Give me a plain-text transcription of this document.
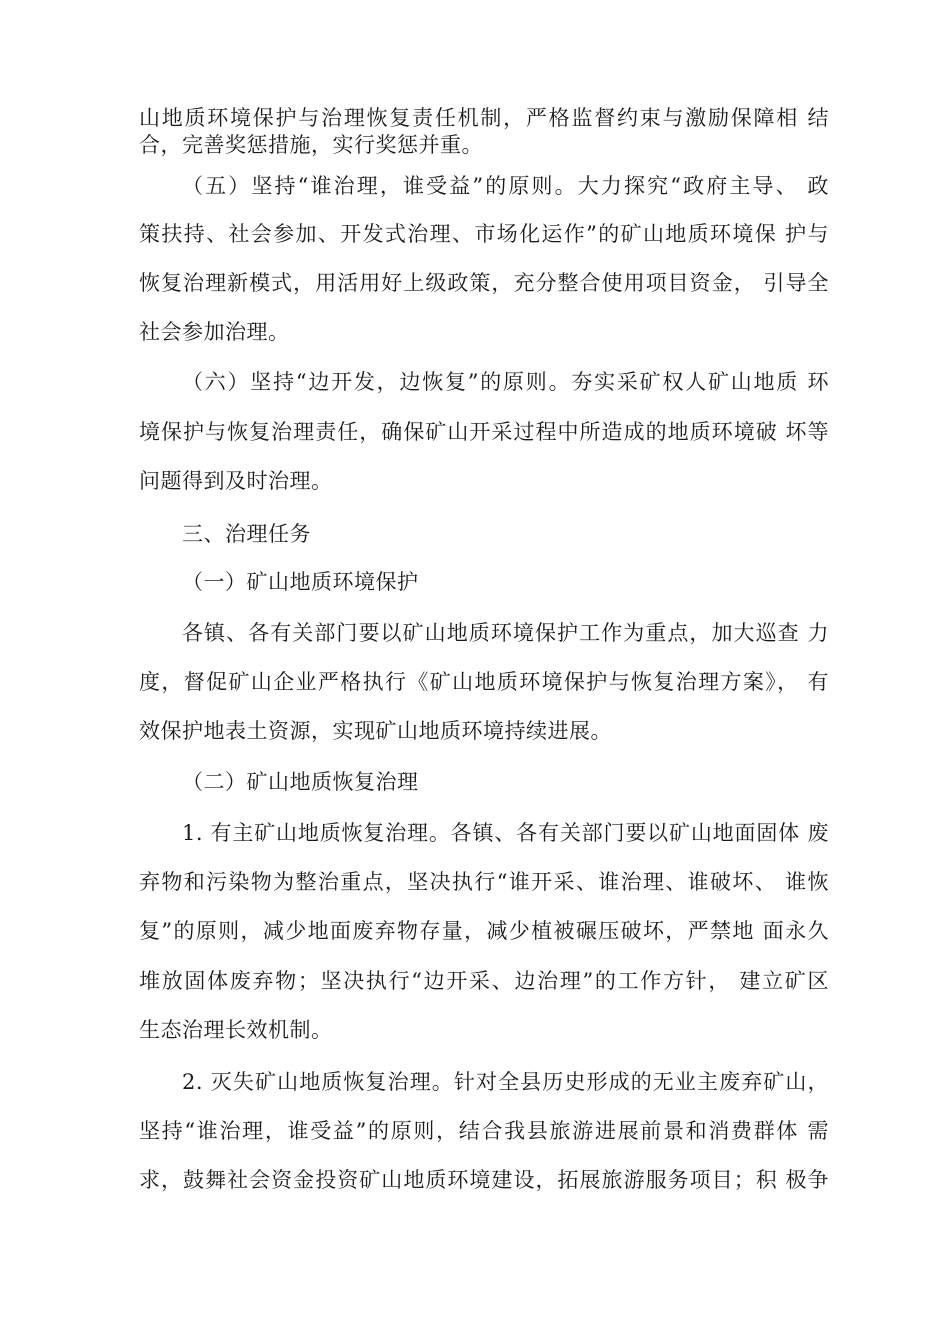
山地质环境保护与治理恢复责任机制，严格监督约束与激励保障相 结
合，完善奖惩措施，实行奖惩并重。
（五）坚持“谁治理，谁受益”的原则。大力探究“政府主导、 政
策扶持、社会参加、开发式治理、市场化运作”的矿山地质环境保 护与
恢复治理新模式，用活用好上级政策，充分整合使用项目资金， 引导全
社会参加治理。
（六）坚持“边开发，边恢复”的原则。夯实采矿权人矿山地质 环
境保护与恢复治理责任，确保矿山开采过程中所造成的地质环境破 坏等
问题得到及时治理。
三、治理任务
（一）矿山地质环境保护
各镇、各有关部门要以矿山地质环境保护工作为重点，加大巡查 力
度，督促矿山企业严格执行《矿山地质环境保护与恢复治理方案》， 有
效保护地表土资源，实现矿山地质环境持续进展。
（二）矿山地质恢复治理
1. 有主矿山地质恢复治理。各镇、各有关部门要以矿山地面固体 废
弃物和污染物为整治重点，坚决执行“谁开采、谁治理、谁破坏、 谁恢
复”的原则，减少地面废弃物存量，减少植被碾压破坏，严禁地 面永久
堆放固体废弃物；坚决执行“边开采、边治理”的工作方针， 建立矿区
生态治理长效机制。
2. 灭失矿山地质恢复治理。针对全县历史形成的无业主废弃矿山，
坚持“谁治理，谁受益”的原则，结合我县旅游进展前景和消费群体 需
求，鼓舞社会资金投资矿山地质环境建设，拓展旅游服务项目；积 极争
